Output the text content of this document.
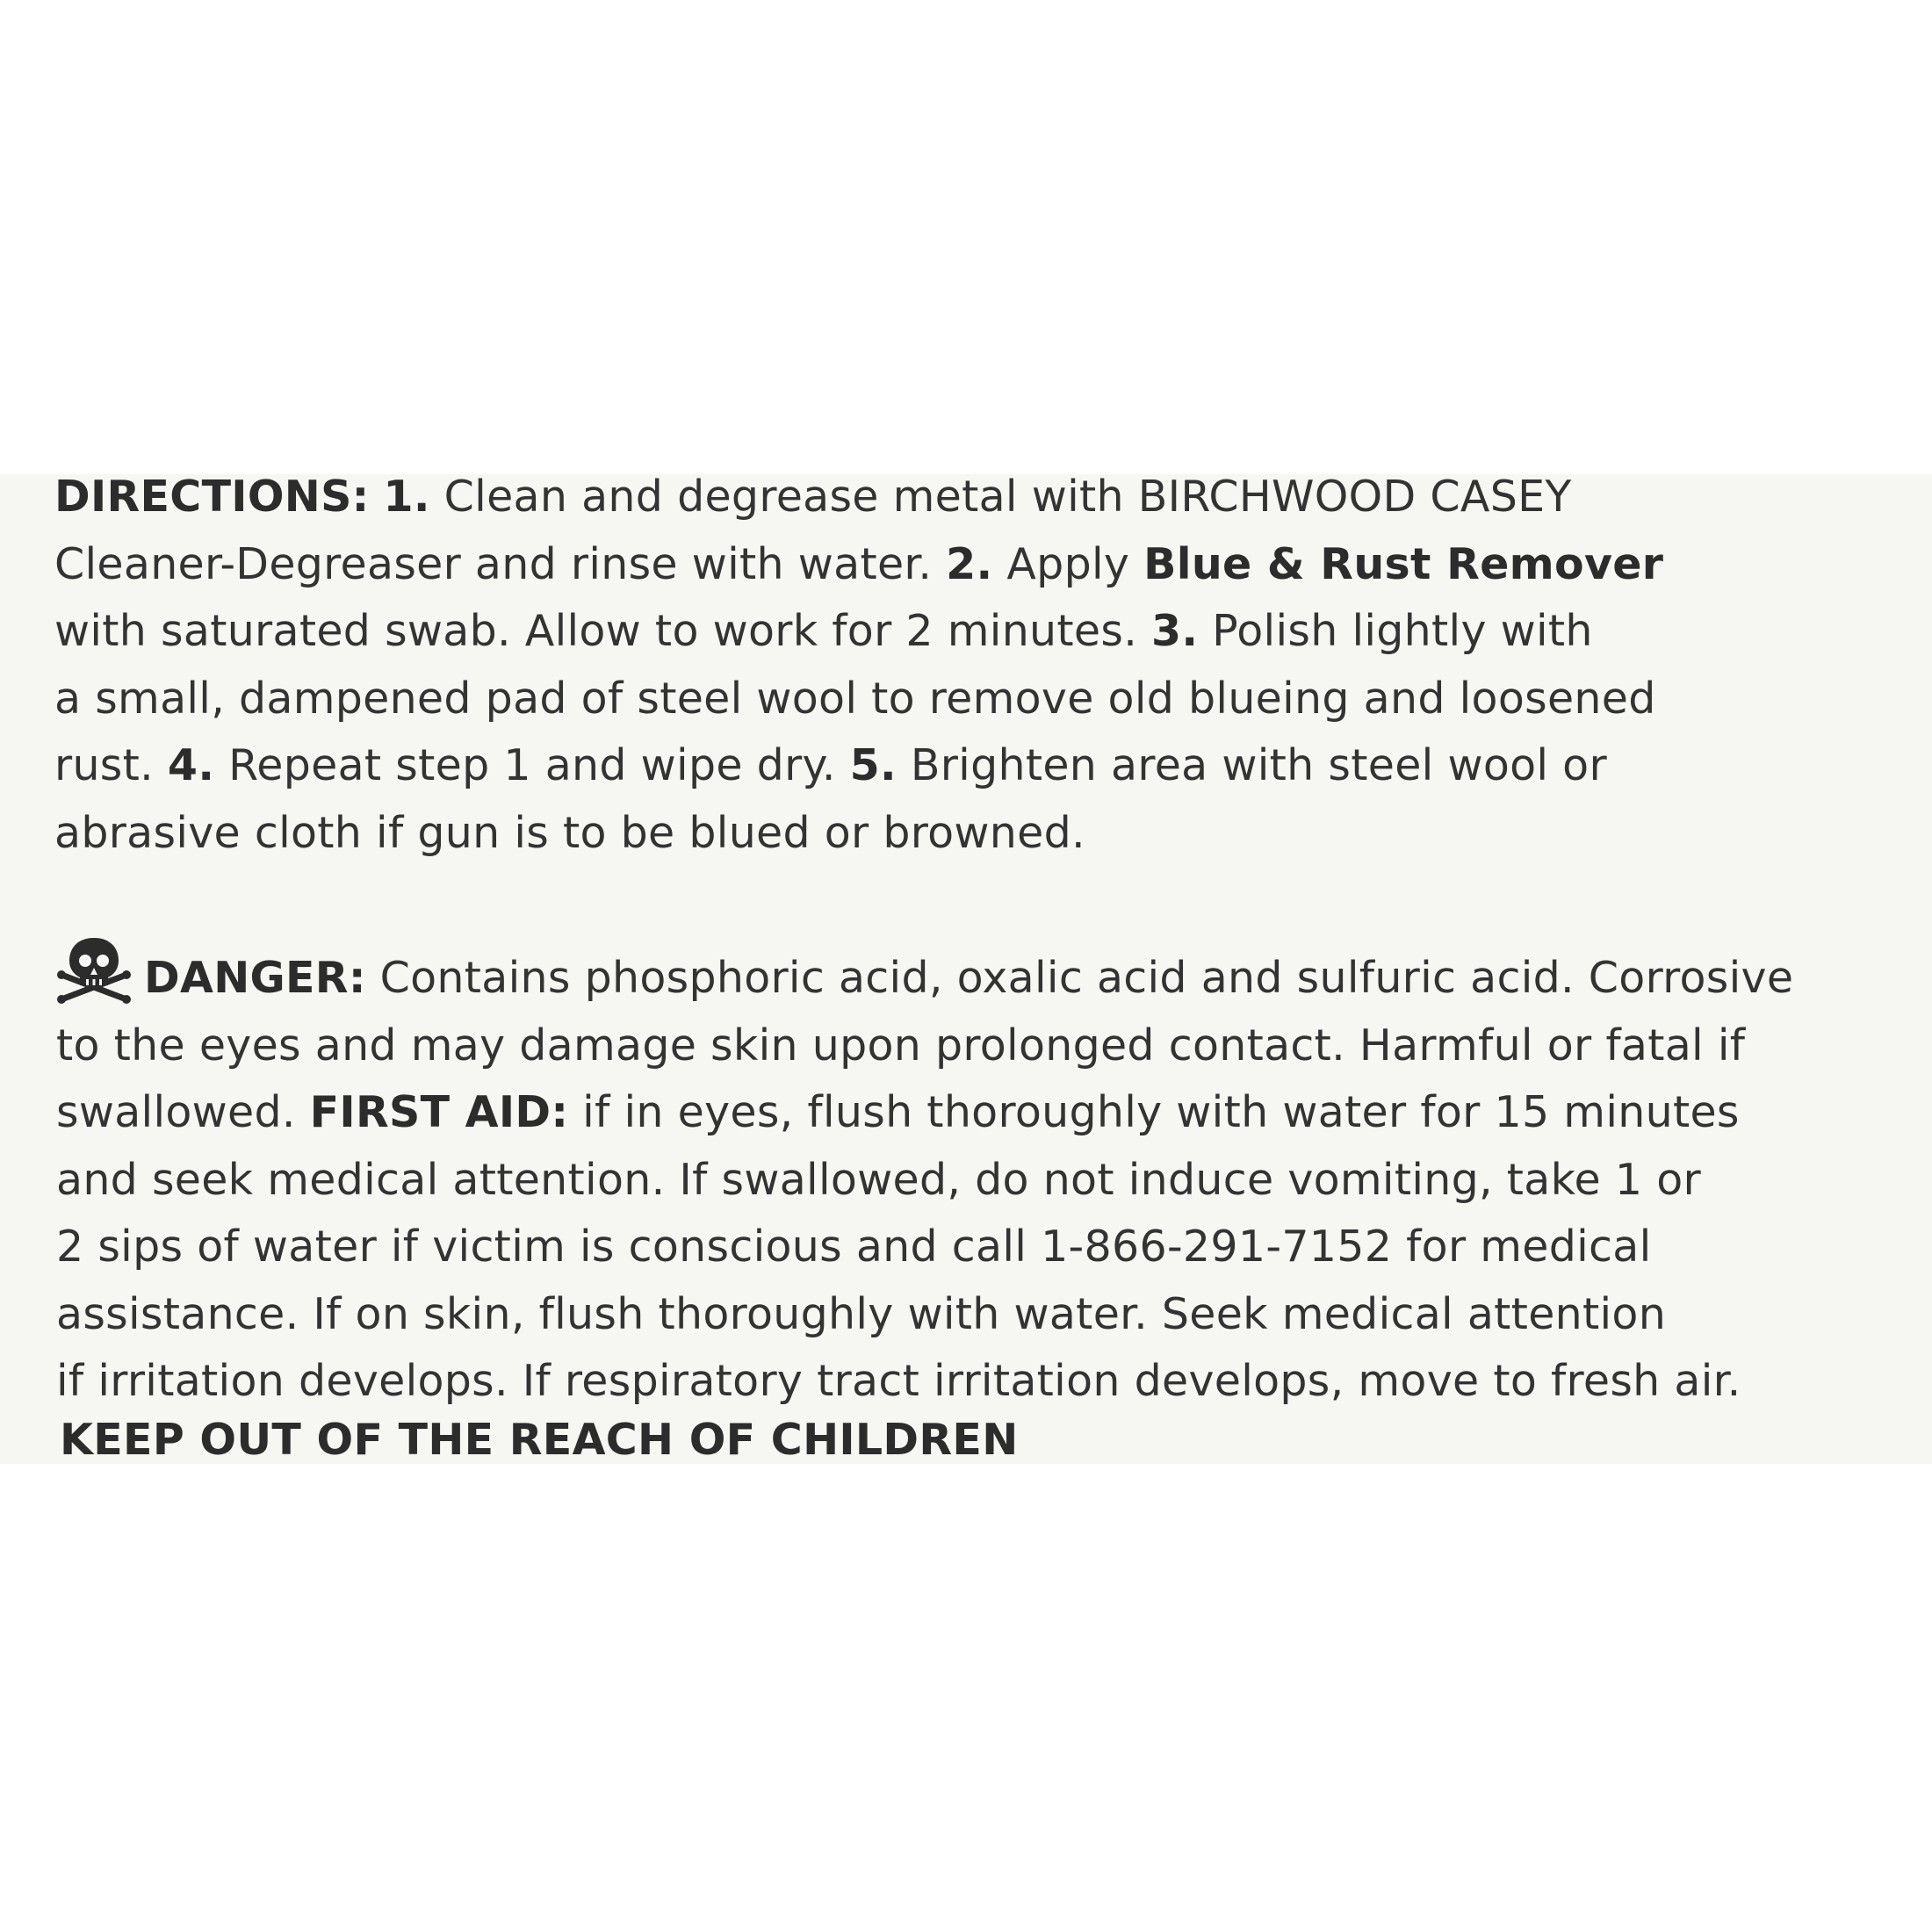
DIRECTIONS: 1. Clean and degrease metal with BIRCHWOOD CASEY
Cleaner-Degreaser and rinse with water. 2. Apply Blue & Rust Remover
with saturated swab. Allow to work for 2 minutes. 3. Polish lightly with
a small, dampened pad of steel wool to remove old blueing and loosened
rust. 4. Repeat step 1 and wipe dry. 5. Brighten area with steel wool or
abrasive cloth if gun is to be blued or browned.
DANGER: Contains phosphoric acid, oxalic acid and sulfuric acid. Corrosive
to the eyes and may damage skin upon prolonged contact. Harmful or fatal if
swallowed. FIRST AID: if in eyes, flush thoroughly with water for 15 minutes
and seek medical attention. If swallowed, do not induce vomiting, take 1 or
2 sips of water if victim is conscious and call 1-866-291-7152 for medical
assistance. If on skin, flush thoroughly with water. Seek medical attention
if irritation develops. If respiratory tract irritation develops, move to fresh air.
KEEP OUT OF THE REACH OF CHILDREN
